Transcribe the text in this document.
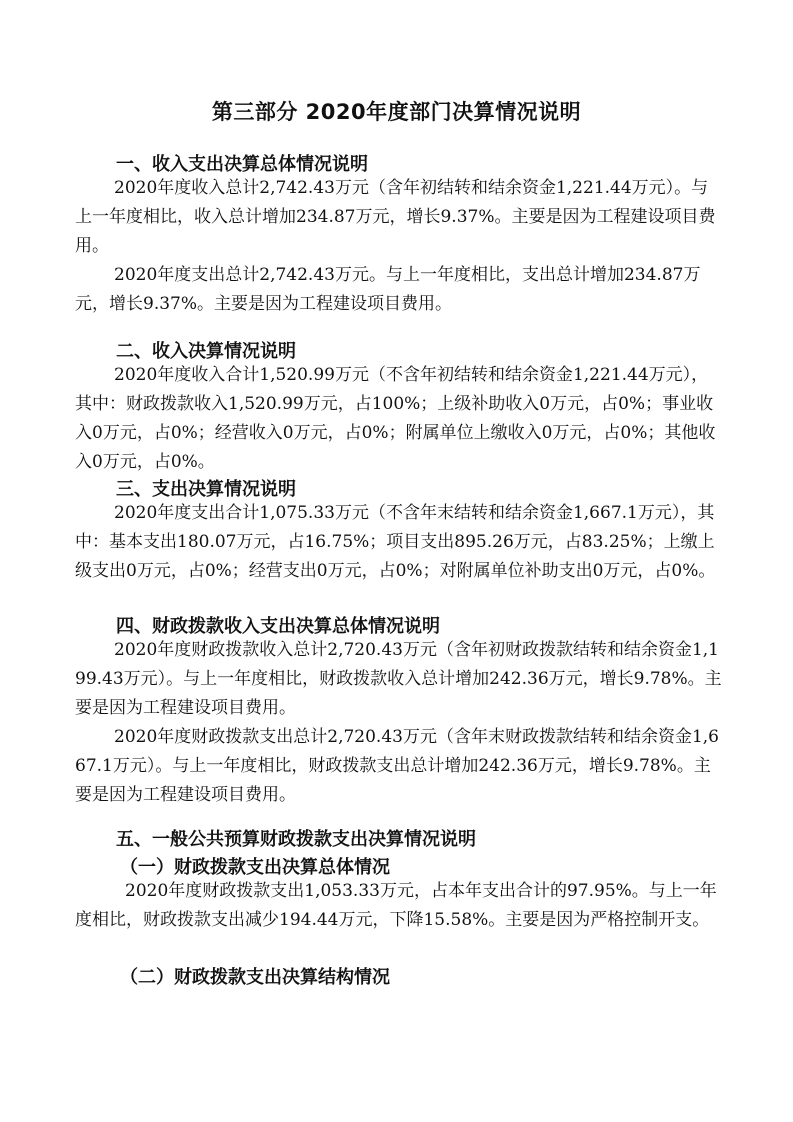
第三部分 2020年度部门决算情况说明
一、收入支出决算总体情况说明
2020年度收入总计2,742.43万元（含年初结转和结余资金1,221.44万元）。与上一年度相比，收入总计增加234.87万元，增长9.37%。主要是因为工程建设项目费用。
2020年度支出总计2,742.43万元。与上一年度相比，支出总计增加234.87万元，增长9.37%。主要是因为工程建设项目费用。
二、收入决算情况说明
2020年度收入合计1,520.99万元（不含年初结转和结余资金1,221.44万元），其中：财政拨款收入1,520.99万元，占100%；上级补助收入0万元，占0%；事业收入0万元，占0%；经营收入0万元，占0%；附属单位上缴收入0万元，占0%；其他收入0万元，占0%。
三、支出决算情况说明
2020年度支出合计1,075.33万元（不含年末结转和结余资金1,667.1万元），其中：基本支出180.07万元，占16.75%；项目支出895.26万元，占83.25%；上缴上级支出0万元，占0%；经营支出0万元，占0%；对附属单位补助支出0万元，占0%。
四、财政拨款收入支出决算总体情况说明
2020年度财政拨款收入总计2,720.43万元（含年初财政拨款结转和结余资金1,199.43万元）。与上一年度相比，财政拨款收入总计增加242.36万元，增长9.78%。主要是因为工程建设项目费用。
2020年度财政拨款支出总计2,720.43万元（含年末财政拨款结转和结余资金1,667.1万元）。与上一年度相比，财政拨款支出总计增加242.36万元，增长9.78%。主要是因为工程建设项目费用。
五、一般公共预算财政拨款支出决算情况说明
（一）财政拨款支出决算总体情况
2020年度财政拨款支出1,053.33万元，占本年支出合计的97.95%。与上一年度相比，财政拨款支出减少194.44万元，下降15.58%。主要是因为严格控制开支。
（二）财政拨款支出决算结构情况
